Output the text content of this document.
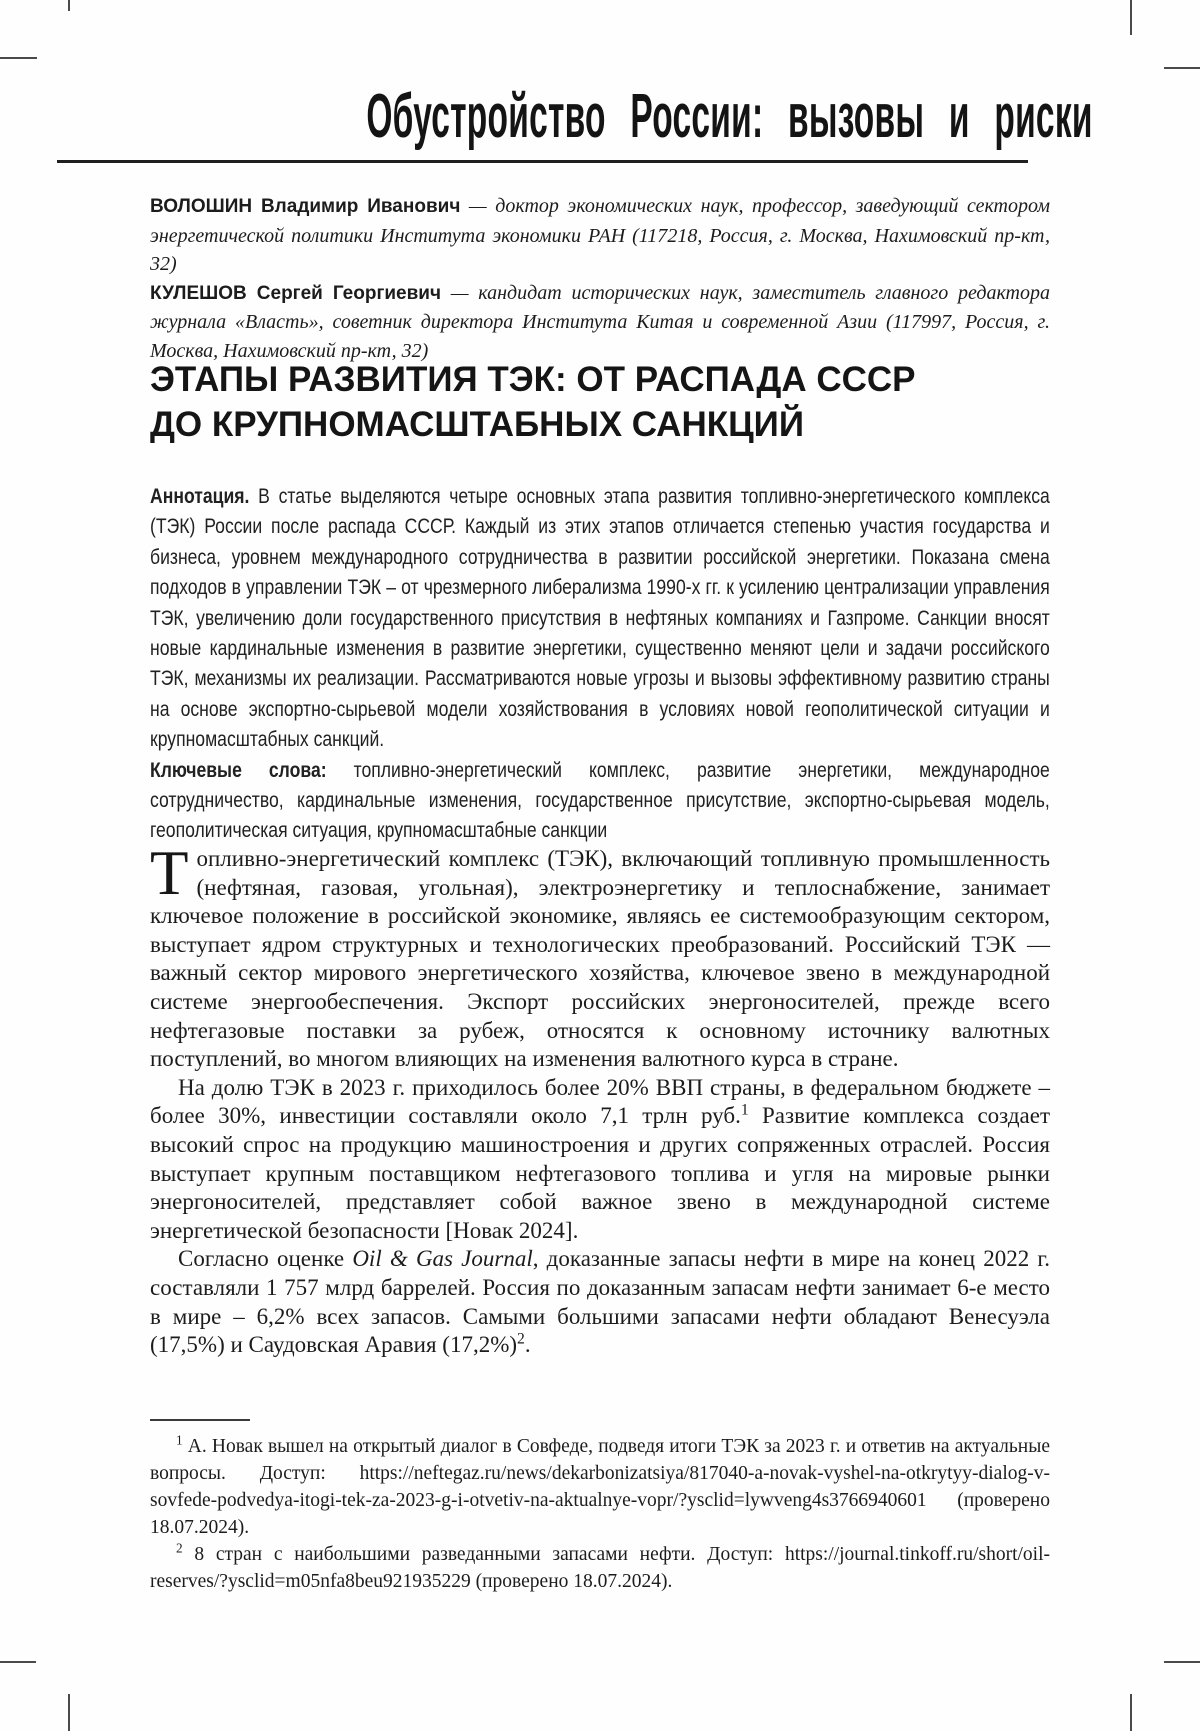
Обустройство России: вызовы и риски

ВОЛОШИН Владимир Иванович — доктор экономических наук, профессор, заведующий сектором энергетической политики Института экономики РАН (117218, Россия, г. Москва, Нахимовский пр-кт, 32)

КУЛЕШОВ Сергей Георгиевич — кандидат исторических наук, заместитель главного редактора журнала «Власть», советник директора Института Китая и современной Азии (117997, Россия, г. Москва, Нахимовский пр-кт, 32)

ЭТАПЫ РАЗВИТИЯ ТЭК: ОТ РАСПАДА СССР
ДО КРУПНОМАСШТАБНЫХ САНКЦИЙ

Аннотация. В статье выделяются четыре основных этапа развития топливно-энергетического комплекса (ТЭК) России после распада СССР. Каждый из этих этапов отличается степенью участия государства и бизнеса, уровнем международного сотрудничества в развитии российской энергетики. Показана смена подходов в управлении ТЭК – от чрезмерного либерализма 1990-х гг. к усилению централизации управления ТЭК, увеличению доли государственного присутствия в нефтяных компаниях и Газпроме. Санкции вносят новые кардинальные изменения в развитие энергетики, существенно меняют цели и задачи российского ТЭК, механизмы их реализации. Рассматриваются новые угрозы и вызовы эффективному развитию страны на основе экспортно-сырьевой модели хозяйствования в условиях новой геополитической ситуации и крупномасштабных санкций.

Ключевые слова: топливно-энергетический комплекс, развитие энергетики, международное сотрудничество, кардинальные изменения, государственное присутствие, экспортно-сырьевая модель, геополитическая ситуация, крупномасштабные санкции

Топливно-энергетический комплекс (ТЭК), включающий топливную промышленность (нефтяная, газовая, угольная), электроэнергетику и теплоснабжение, занимает ключевое положение в российской экономике, являясь ее системообразующим сектором, выступает ядром структурных и технологических преобразований. Российский ТЭК — важный сектор мирового энергетического хозяйства, ключевое звено в международной системе энергообеспечения. Экспорт российских энергоносителей, прежде всего нефтегазовые поставки за рубеж, относятся к основному источнику валютных поступлений, во многом влияющих на изменения валютного курса в стране.

На долю ТЭК в 2023 г. приходилось более 20% ВВП страны, в федеральном бюджете – более 30%, инвестиции составляли около 7,1 трлн руб.$^1$ Развитие комплекса создает высокий спрос на продукцию машиностроения и других сопряженных отраслей. Россия выступает крупным поставщиком нефтегазового топлива и угля на мировые рынки энергоносителей, представляет собой важное звено в международной системе энергетической безопасности [Новак 2024].

Согласно оценке Oil & Gas Journal, доказанные запасы нефти в мире на конец 2022 г. составляли 1 757 млрд баррелей. Россия по доказанным запасам нефти занимает 6-е место в мире – 6,2% всех запасов. Самыми большими запасами нефти обладают Венесуэла (17,5%) и Саудовская Аравия (17,2%)$^2$.

$^1$ А. Новак вышел на открытый диалог в Совфеде, подведя итоги ТЭК за 2023 г. и ответив на актуальные вопросы. Доступ: https://neftegaz.ru/news/dekarbonizatsiya/817040-a-novak-vyshel-na-otkrytyy-dialog-v-sovfede-podvedya-itogi-tek-za-2023-g-i-otvetiv-na-aktualnye-vopr/?ysclid=lywveng4s3766940601 (проверено 18.07.2024).

$^2$ 8 стран с наибольшими разведанными запасами нефти. Доступ: https://journal.tinkoff.ru/short/oil-reserves/?ysclid=m05nfa8beu921935229 (проверено 18.07.2024).
